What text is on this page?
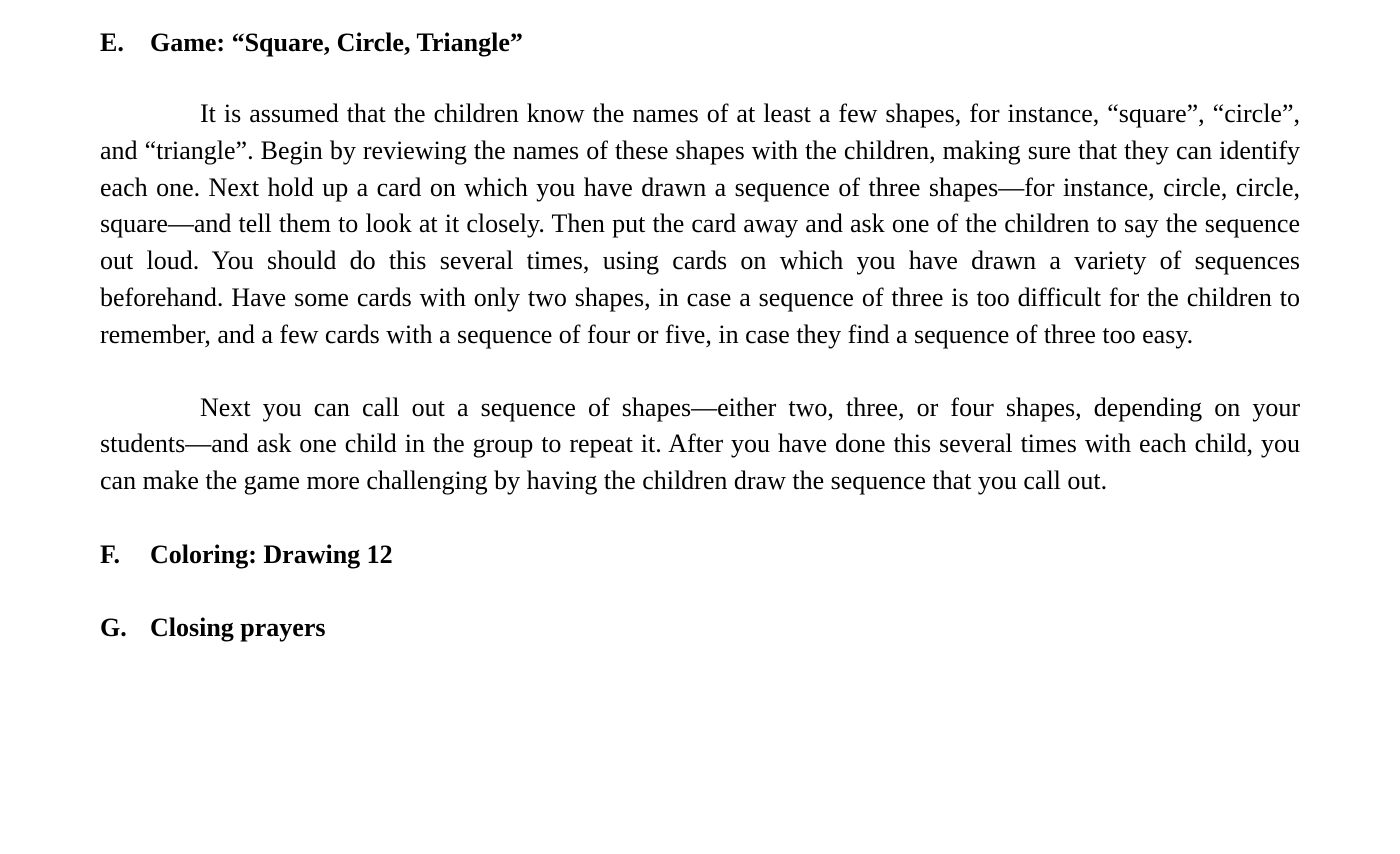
E.	Game: “Square, Circle, Triangle”

It is assumed that the children know the names of at least a few shapes, for instance, “square”, “circle”, and “triangle”. Begin by reviewing the names of these shapes with the children, making sure that they can identify each one. Next hold up a card on which you have drawn a sequence of three shapes—for instance, circle, circle, square—and tell them to look at it closely. Then put the card away and ask one of the children to say the sequence out loud. You should do this several times, using cards on which you have drawn a variety of sequences beforehand. Have some cards with only two shapes, in case a sequence of three is too difficult for the children to remember, and a few cards with a sequence of four or five, in case they find a sequence of three too easy.

Next you can call out a sequence of shapes—either two, three, or four shapes, depending on your students—and ask one child in the group to repeat it. After you have done this several times with each child, you can make the game more challenging by having the children draw the sequence that you call out.

F.	Coloring: Drawing 12
G. Closing prayers
